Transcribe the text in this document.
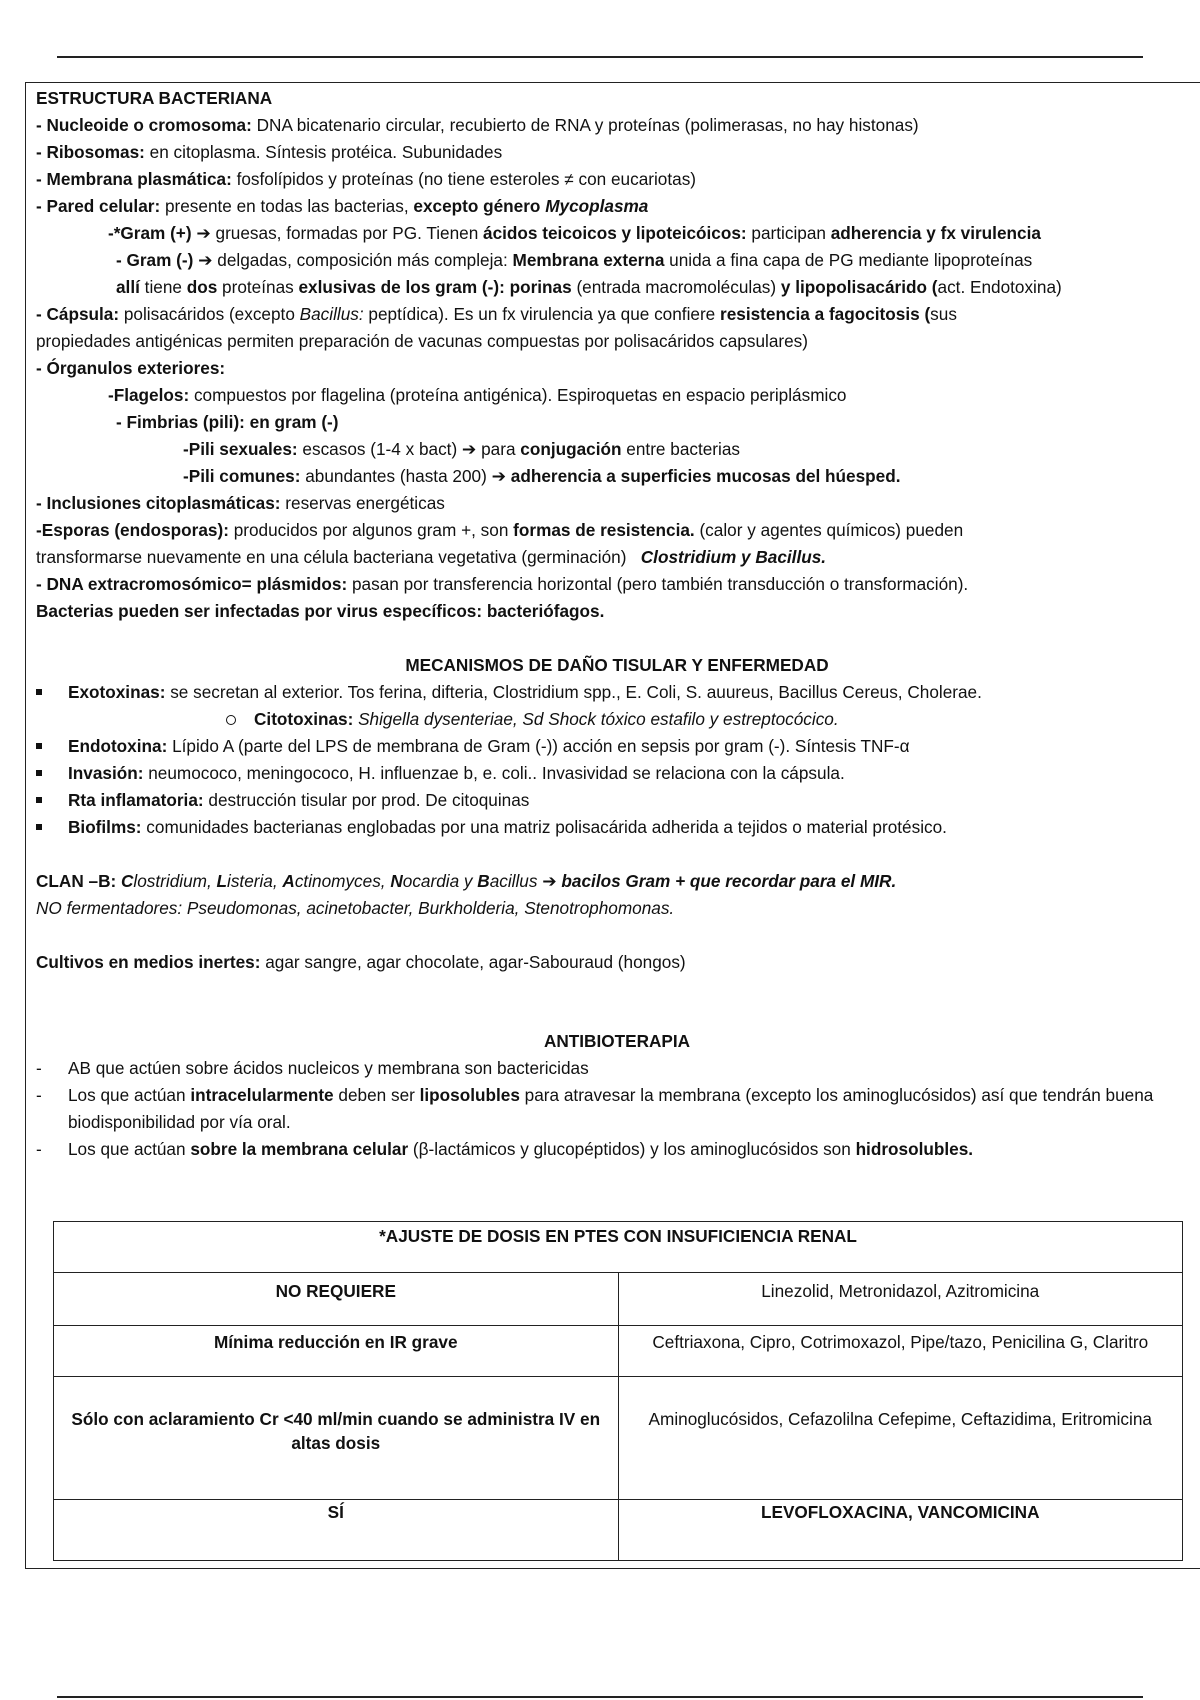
ESTRUCTURA BACTERIANA
- Nucleoide o cromosoma: DNA bicatenario circular, recubierto de RNA y proteínas (polimerasas, no hay histonas)
- Ribosomas: en citoplasma. Síntesis protéica. Subunidades
- Membrana plasmática: fosfolípidos y proteínas (no tiene esteroles ≠ con eucariotas)
- Pared celular: presente en todas las bacterias, excepto género Mycoplasma
-*Gram (+) ➔ gruesas, formadas por PG. Tienen ácidos teicoicos y lipoteicóicos: participan adherencia y fx virulencia
- Gram (-) ➔ delgadas, composición más compleja: Membrana externa unida a fina capa de PG mediante lipoproteínas
allí tiene dos proteínas exlusivas de los gram (-): porinas (entrada macromoléculas) y lipopolisacárido (act. Endotoxina)
- Cápsula: polisacáridos (excepto Bacillus: peptídica). Es un fx virulencia ya que confiere resistencia a fagocitosis (sus
propiedades antigénicas permiten preparación de vacunas compuestas por polisacáridos capsulares)
- Órganulos exteriores:
-Flagelos: compuestos por flagelina (proteína antigénica). Espiroquetas en espacio periplásmico
- Fimbrias (pili): en gram (-)
-Pili sexuales: escasos (1-4 x bact) ➔ para conjugación entre bacterias
-Pili comunes: abundantes (hasta 200) ➔ adherencia a superficies mucosas del húesped.
- Inclusiones citoplasmáticas: reservas energéticas
-Esporas (endosporas): producidos por algunos gram +, son formas de resistencia. (calor y agentes químicos) pueden
transformarse nuevamente en una célula bacteriana vegetativa (germinación)   Clostridium y Bacillus.
- DNA extracromosómico= plásmidos: pasan por transferencia horizontal (pero también transducción o transformación).
Bacterias pueden ser infectadas por virus específicos: bacteriófagos.
MECANISMOS DE DAÑO TISULAR Y ENFERMEDAD
Exotoxinas: se secretan al exterior. Tos ferina, difteria, Clostridium spp., E. Coli, S. auureus, Bacillus Cereus, Cholerae.
Citotoxinas: Shigella dysenteriae, Sd Shock tóxico estafilo y estreptocócico.
Endotoxina: Lípido A (parte del LPS de membrana de Gram (-)) acción en sepsis por gram (-). Síntesis TNF-α
Invasión: neumococo, meningococo, H. influenzae b, e. coli.. Invasividad se relaciona con la cápsula.
Rta inflamatoria: destrucción tisular por prod. De citoquinas
Biofilms: comunidades bacterianas englobadas por una matriz polisacárida adherida a tejidos o material protésico.
CLAN –B: Clostridium, Listeria, Actinomyces, Nocardia y Bacillus ➔ bacilos Gram + que recordar para el MIR.
NO fermentadores: Pseudomonas, acinetobacter, Burkholderia, Stenotrophomonas.
Cultivos en medios inertes: agar sangre, agar chocolate, agar-Sabouraud (hongos)
ANTIBIOTERAPIA
- AB que actúen sobre ácidos nucleicos y membrana son bactericidas
- Los que actúan intracelularmente deben ser liposolubles para atravesar la membrana (excepto los aminoglucósidos) así que tendrán buena biodisponibilidad por vía oral.
- Los que actúan sobre la membrana celular (β-lactámicos y glucopéptidos) y los aminoglucósidos son hidrosolubles.
*AJUSTE DE DOSIS EN PTES CON INSUFICIENCIA RENAL	
NO REQUIERE	Linezolid, Metronidazol, Azitromicina
Mínima reducción en IR grave	Ceftriaxona, Cipro, Cotrimoxazol, Pipe/tazo, Penicilina G, Claritro
Sólo con aclaramiento Cr <40 ml/min cuando se administra IV en altas dosis	Aminoglucósidos, Cefazolilna Cefepime, Ceftazidima, Eritromicina
SÍ	LEVOFLOXACINA, VANCOMICINA
